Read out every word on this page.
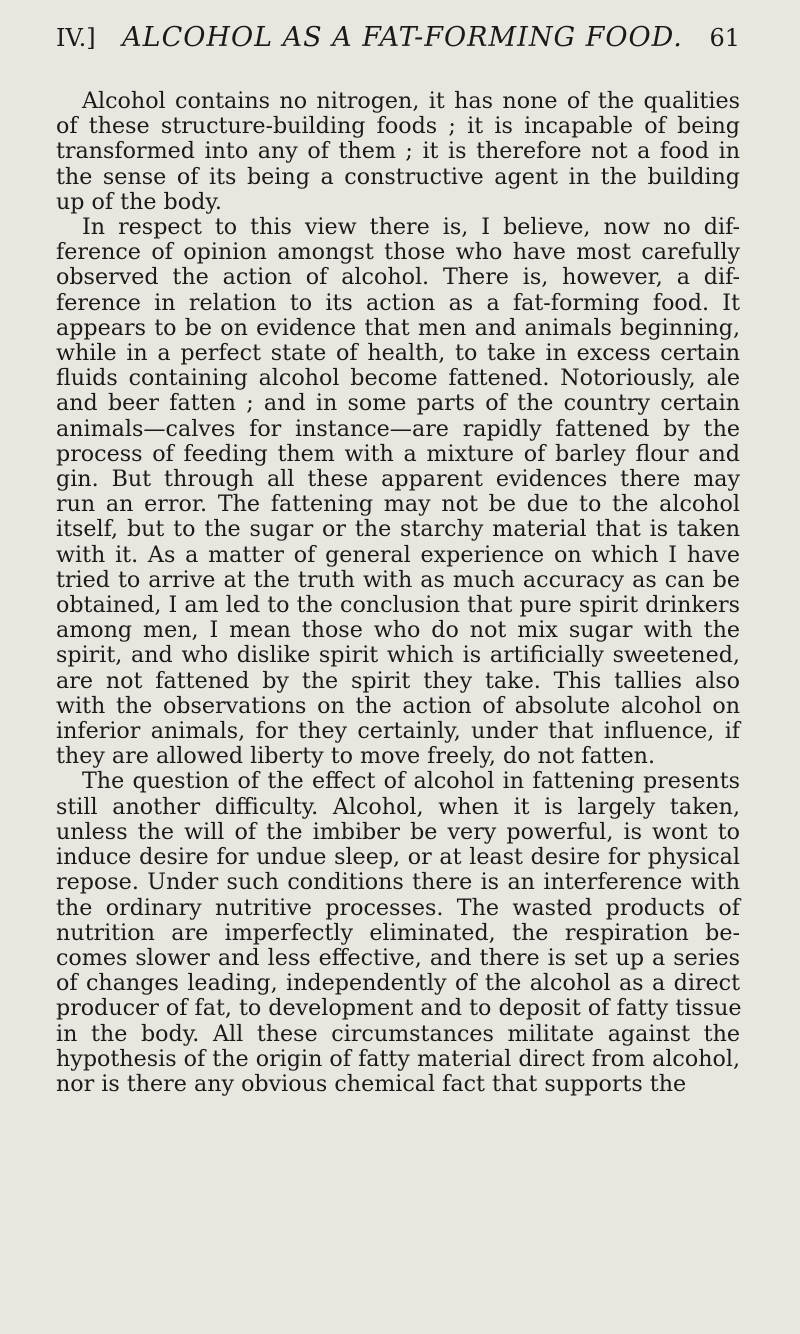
IV.] ALCOHOL AS A FAT-FORMING FOOD. 61

Alcohol contains no nitrogen, it has none of the qualities
of these structure-building foods ; it is incapable of being
transformed into any of them ; it is therefore not a food in
the sense of its being a constructive agent in the building
up of the body.

In respect to this view there is, I believe, now no dif-
ference of opinion amongst those who have most carefully
observed the action of alcohol. There is, however, a dif-
ference in relation to its action as a fat-forming food. It
appears to be on evidence that men and animals beginning,
while in a perfect state of health, to take in excess certain
fluids containing alcohol become fattened. Notoriously, ale
and beer fatten ; and in some parts of the country certain
animals—calves for instance—are rapidly fattened by the
process of feeding them with a mixture of barley flour and
gin. But through all these apparent evidences there may
run an error. The fattening may not be due to the alcohol
itself, but to the sugar or the starchy material that is taken
with it. As a matter of general experience on which I have
tried to arrive at the truth with as much accuracy as can be
obtained, I am led to the conclusion that pure spirit drinkers
among men, I mean those who do not mix sugar with the
spirit, and who dislike spirit which is artificially sweetened,
are not fattened by the spirit they take. This tallies also
with the observations on the action of absolute alcohol on
inferior animals, for they certainly, under that influence, if
they are allowed liberty to move freely, do not fatten.

The question of the effect of alcohol in fattening presents
still another difficulty. Alcohol, when it is largely taken,
unless the will of the imbiber be very powerful, is wont to
induce desire for undue sleep, or at least desire for physical
repose. Under such conditions there is an interference with
the ordinary nutritive processes. The wasted products of
nutrition are imperfectly eliminated, the respiration be-
comes slower and less effective, and there is set up a series
of changes leading, independently of the alcohol as a direct
producer of fat, to development and to deposit of fatty tissue
in the body. All these circumstances militate against the
hypothesis of the origin of fatty material direct from alcohol,
nor is there any obvious chemical fact that supports the
